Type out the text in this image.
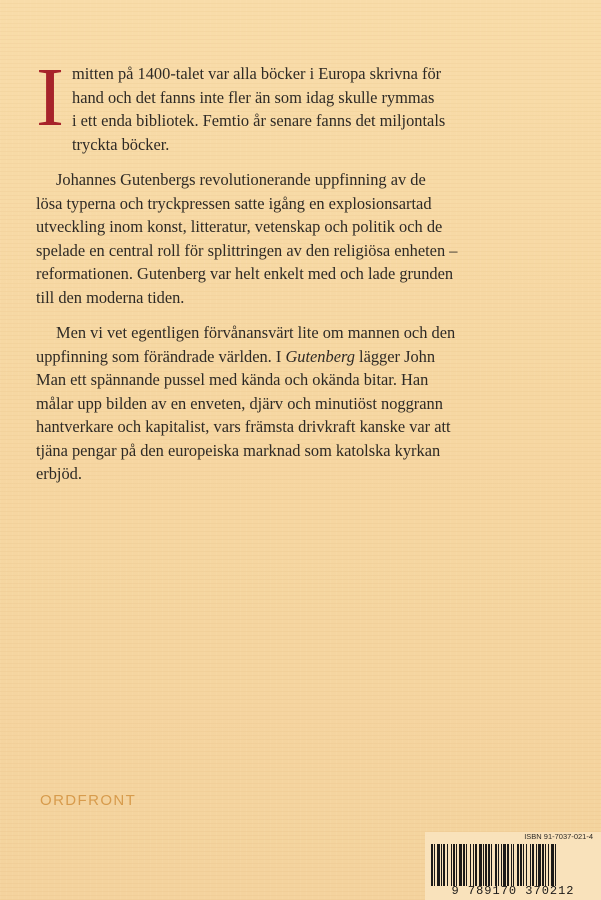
I mitten på 1400-talet var alla böcker i Europa skrivna för
hand och det fanns inte fler än som idag skulle rymmas
i ett enda bibliotek. Femtio år senare fanns det miljontals
tryckta böcker.
Johannes Gutenbergs revolutionerande uppfinning av de
lösa typerna och tryckpressen satte igång en explosionsartad
utveckling inom konst, litteratur, vetenskap och politik och de
spelade en central roll för splittringen av den religiösa enheten –
reformationen. Gutenberg var helt enkelt med och lade grunden
till den moderna tiden.
Men vi vet egentligen förvånansvärt lite om mannen och den
uppfinning som förändrade världen. I Gutenberg lägger John
Man ett spännande pussel med kända och okända bitar. Han
målar upp bilden av en enveten, djärv och minutiöst noggrann
hantverkare och kapitalist, vars främsta drivkraft kanske var att
tjäna pengar på den europeiska marknad som katolska kyrkan
erbjöd.
ORDFRONT
ISBN 91-7037-021-4
9 789170 370212
